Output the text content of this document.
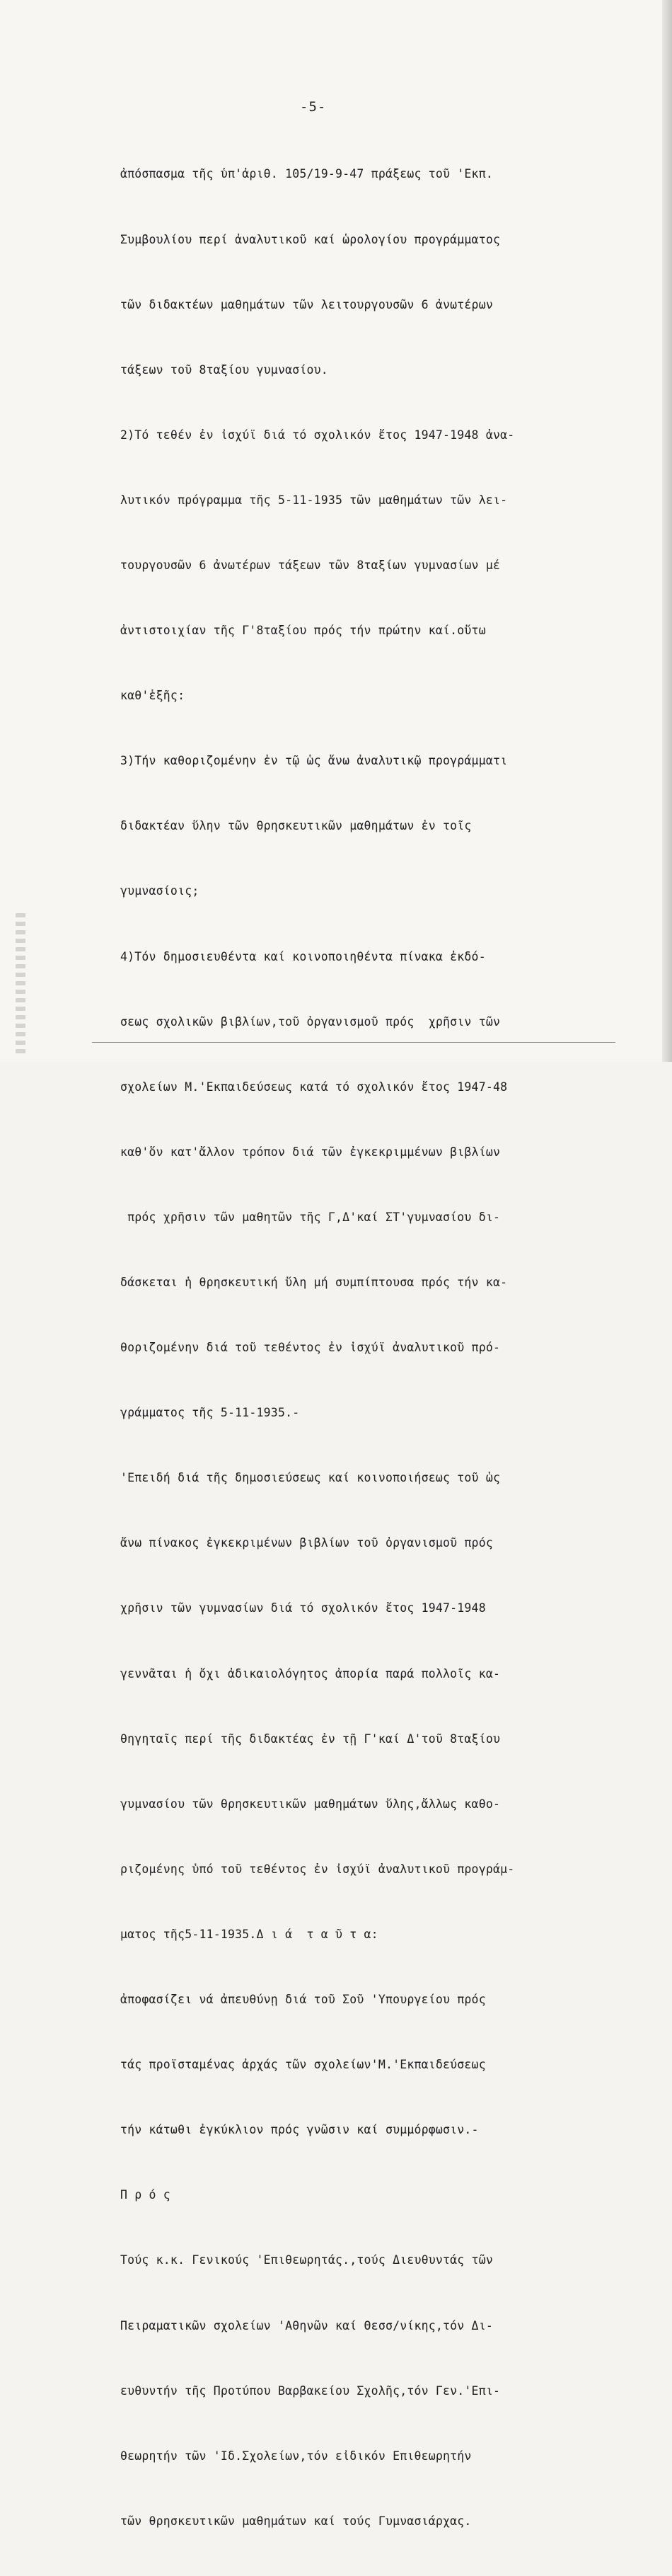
-5-

ἀπόσπασμα τῆς ὑπ'ἀριθ. 105/19-9-47 πράξεως τοῦ 'Εκπ.

Συμβουλίου περί ἀναλυτικοῦ καί ὡρολογίου προγράμματος

τῶν διδακτέων μαθημάτων τῶν λειτουργουσῶν 6 ἀνωτέρων

τάξεων τοῦ 8ταξίου γυμνασίου.

2)Τό τεθέν ἐν ἰσχύϊ διά τό σχολικόν ἔτος 1947-1948 ἀνα-

λυτικόν πρόγραμμα τῆς 5-11-1935 τῶν μαθημάτων τῶν λει-

τουργουσῶν 6 ἀνωτέρων τάξεων τῶν 8ταξίων γυμνασίων μέ

ἀντιστοιχίαν τῆς Γ'8ταξίου πρός τήν πρώτην καί.οὕτω

καθ'ἑξῆς:

3)Τήν καθοριζομένην ἐν τῷ ὡς ἄνω ἀναλυτικῷ προγράμματι

διδακτέαν ὕλην τῶν θρησκευτικῶν μαθημάτων ἐν τοῖς

γυμνασίοις;

4)Τόν δημοσιευθέντα καί κοινοποιηθέντα πίνακα ἐκδό-

σεως σχολικῶν βιβλίων,τοῦ ὀργανισμοῦ πρός  χρῆσιν τῶν

σχολείων Μ.'Εκπαιδεύσεως κατά τό σχολικόν ἔτος 1947-48

καθ'ὅν κατ'ἄλλον τρόπον διά τῶν ἐγκεκριμμένων βιβλίων

πρός χρῆσιν τῶν μαθητῶν τῆς Γ,Δ'καί ΣΤ'γυμνασίου δι-

δάσκεται ἡ θρησκευτική ὕλη μή συμπίπτουσα πρός τήν κα-

θοριζομένην διά τοῦ τεθέντος ἐν ἰσχύϊ ἀναλυτικοῦ πρό-

γράμματος τῆς 5-11-1935.-

'Επειδή διά τῆς δημοσιεύσεως καί κοινοποιήσεως τοῦ ὡς

ἄνω πίνακος ἐγκεκριμένων βιβλίων τοῦ ὀργανισμοῦ πρός

χρῆσιν τῶν γυμνασίων διά τό σχολικόν ἔτος 1947-1948

γεννᾶται ἡ ὄχι ἀδικαιολόγητος ἀπορία παρά πολλοῖς κα-

θηγηταῖς περί τῆς διδακτέας ἐν τῇ Γ'καί Δ'τοῦ 8ταξίου

γυμνασίου τῶν θρησκευτικῶν μαθημάτων ὕλης,ἄλλως καθο-

ριζομένης ὑπό τοῦ τεθέντος ἐν ἰσχύϊ ἀναλυτικοῦ προγράμ-

ματος τῆς5-11-1935.Δ ι ά  τ α ῦ τ α:

ἀποφασίζει νά ἀπευθύνῃ διά τοῦ Σοῦ 'Υπουργείου πρός

τάς προϊσταμένας ἀρχάς τῶν σχολείων'Μ.'Εκπαιδεύσεως

τήν κάτωθι ἐγκύκλιον πρός γνῶσιν καί συμμόρφωσιν.-

Π ρ ό ς

Τούς κ.κ. Γενικούς 'Επιθεωρητάς.,τούς Διευθυντάς τῶν

Πειραματικῶν σχολείων 'Αθηνῶν καί Θεσσ/νίκης,τόν Δι-

ευθυντήν τῆς Προτύπου Βαρβακείου Σχολῆς,τόν Γεν.'Επι-

θεωρητήν τῶν 'Ιδ.Σχολείων,τόν εἰδικόν Επιθεωρητήν

τῶν θρησκευτικῶν μαθημάτων καί τούς Γυμνασιάρχας.
